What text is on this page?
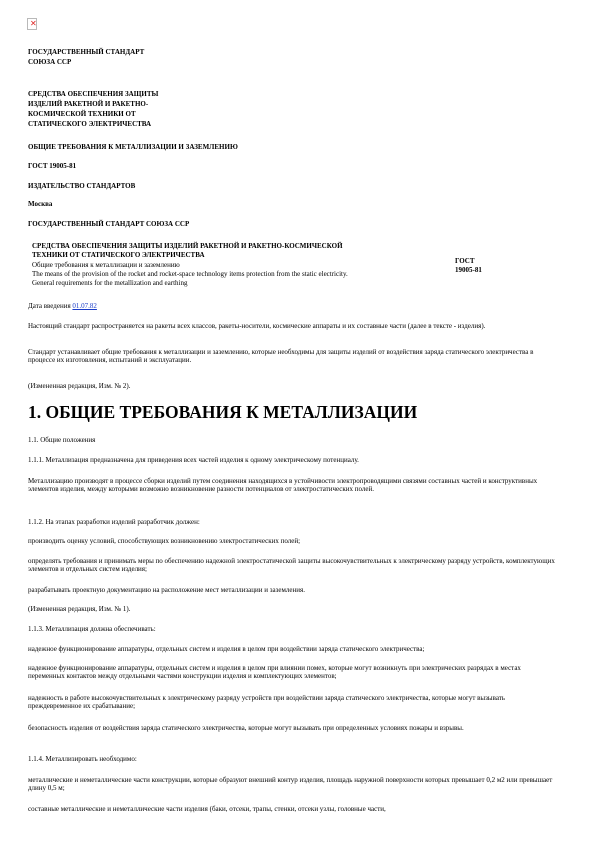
✕
ГОСУДАРСТВЕННЫЙ СТАНДАРТ
СОЮЗА ССР
СРЕДСТВА ОБЕСПЕЧЕНИЯ ЗАЩИТЫ
ИЗДЕЛИЙ РАКЕТНОЙ И РАКЕТНО-
КОСМИЧЕСКОЙ ТЕХНИКИ ОТ
СТАТИЧЕСКОГО ЭЛЕКТРИЧЕСТВА
ОБЩИЕ ТРЕБОВАНИЯ К МЕТАЛЛИЗАЦИИ И ЗАЗЕМЛЕНИЮ
ГОСТ 19005-81
ИЗДАТЕЛЬСТВО СТАНДАРТОВ
Москва
ГОСУДАРСТВЕННЫЙ СТАНДАРТ СОЮЗА ССР
СРЕДСТВА ОБЕСПЕЧЕНИЯ ЗАЩИТЫ ИЗДЕЛИЙ РАКЕТНОЙ И РАКЕТНО-КОСМИЧЕСКОЙ
ТЕХНИКИ ОТ СТАТИЧЕСКОГО ЭЛЕКТРИЧЕСТВА
Общие требования к металлизации и заземлению
The means of the provision of the rocket and rocket-space technology items protection from the static electricity.
General requirements for the metallization and earthing
ГОСТ
19005-81
Дата введения 01.07.82
Настоящий стандарт распространяется на ракеты всех классов, ракеты-носители, космические аппараты и их составные части (далее в тексте - изделия).
Стандарт устанавливает общие требования к металлизации и заземлению, которые необходимы для защиты изделий от воздействия заряда статического электричества в процессе их изготовления, испытаний и эксплуатации.
(Измененная редакция, Изм. № 2).
1. ОБЩИЕ ТРЕБОВАНИЯ К МЕТАЛЛИЗАЦИИ
1.1. Общие положения
1.1.1. Металлизация предназначена для приведения всех частей изделия к одному электрическому потенциалу.
Металлизацию производят в процессе сборки изделий путем соединения находящихся в устойчивости электропроводящими связями составных частей и конструктивных элементов изделия, между которыми возможно возникновение разности потенциалов от электростатических полей.
1.1.2. На этапах разработки изделий разработчик должен:
производить оценку условий, способствующих возникновению электростатических полей;
определять требования и принимать меры по обеспечению надежной электростатической защиты высокочувствительных к электрическому разряду устройств, комплектующих элементов и отдельных систем изделия;
разрабатывать проектную документацию на расположение мест металлизации и заземления.
(Измененная редакция, Изм. № 1).
1.1.3. Металлизация должна обеспечивать:
надежное функционирование аппаратуры, отдельных систем и изделия в целом при воздействии заряда статического электричества;
надежное функционирование аппаратуры, отдельных систем и изделия в целом при влиянии помех, которые могут возникнуть при электрических разрядах в местах переменных контактов между отдельными частями конструкции изделия и комплектующих элементов;
надежность в работе высокочувствительных к электрическому разряду устройств при воздействии заряда статического электричества, которые могут вызывать преждевременное их срабатывание;
безопасность изделия от воздействия заряда статического электричества, которые могут вызывать при определенных условиях пожары и взрывы.
1.1.4. Металлизировать необходимо:
металлические и неметаллические части конструкции, которые образуют внешний контур изделия, площадь наружной поверхности которых превышает 0,2 м2 или превышает длину 0,5 м;
составные металлические и неметаллические части изделия (баки, отсеки, трапы, стенки, отсеки узлы, головные части,
